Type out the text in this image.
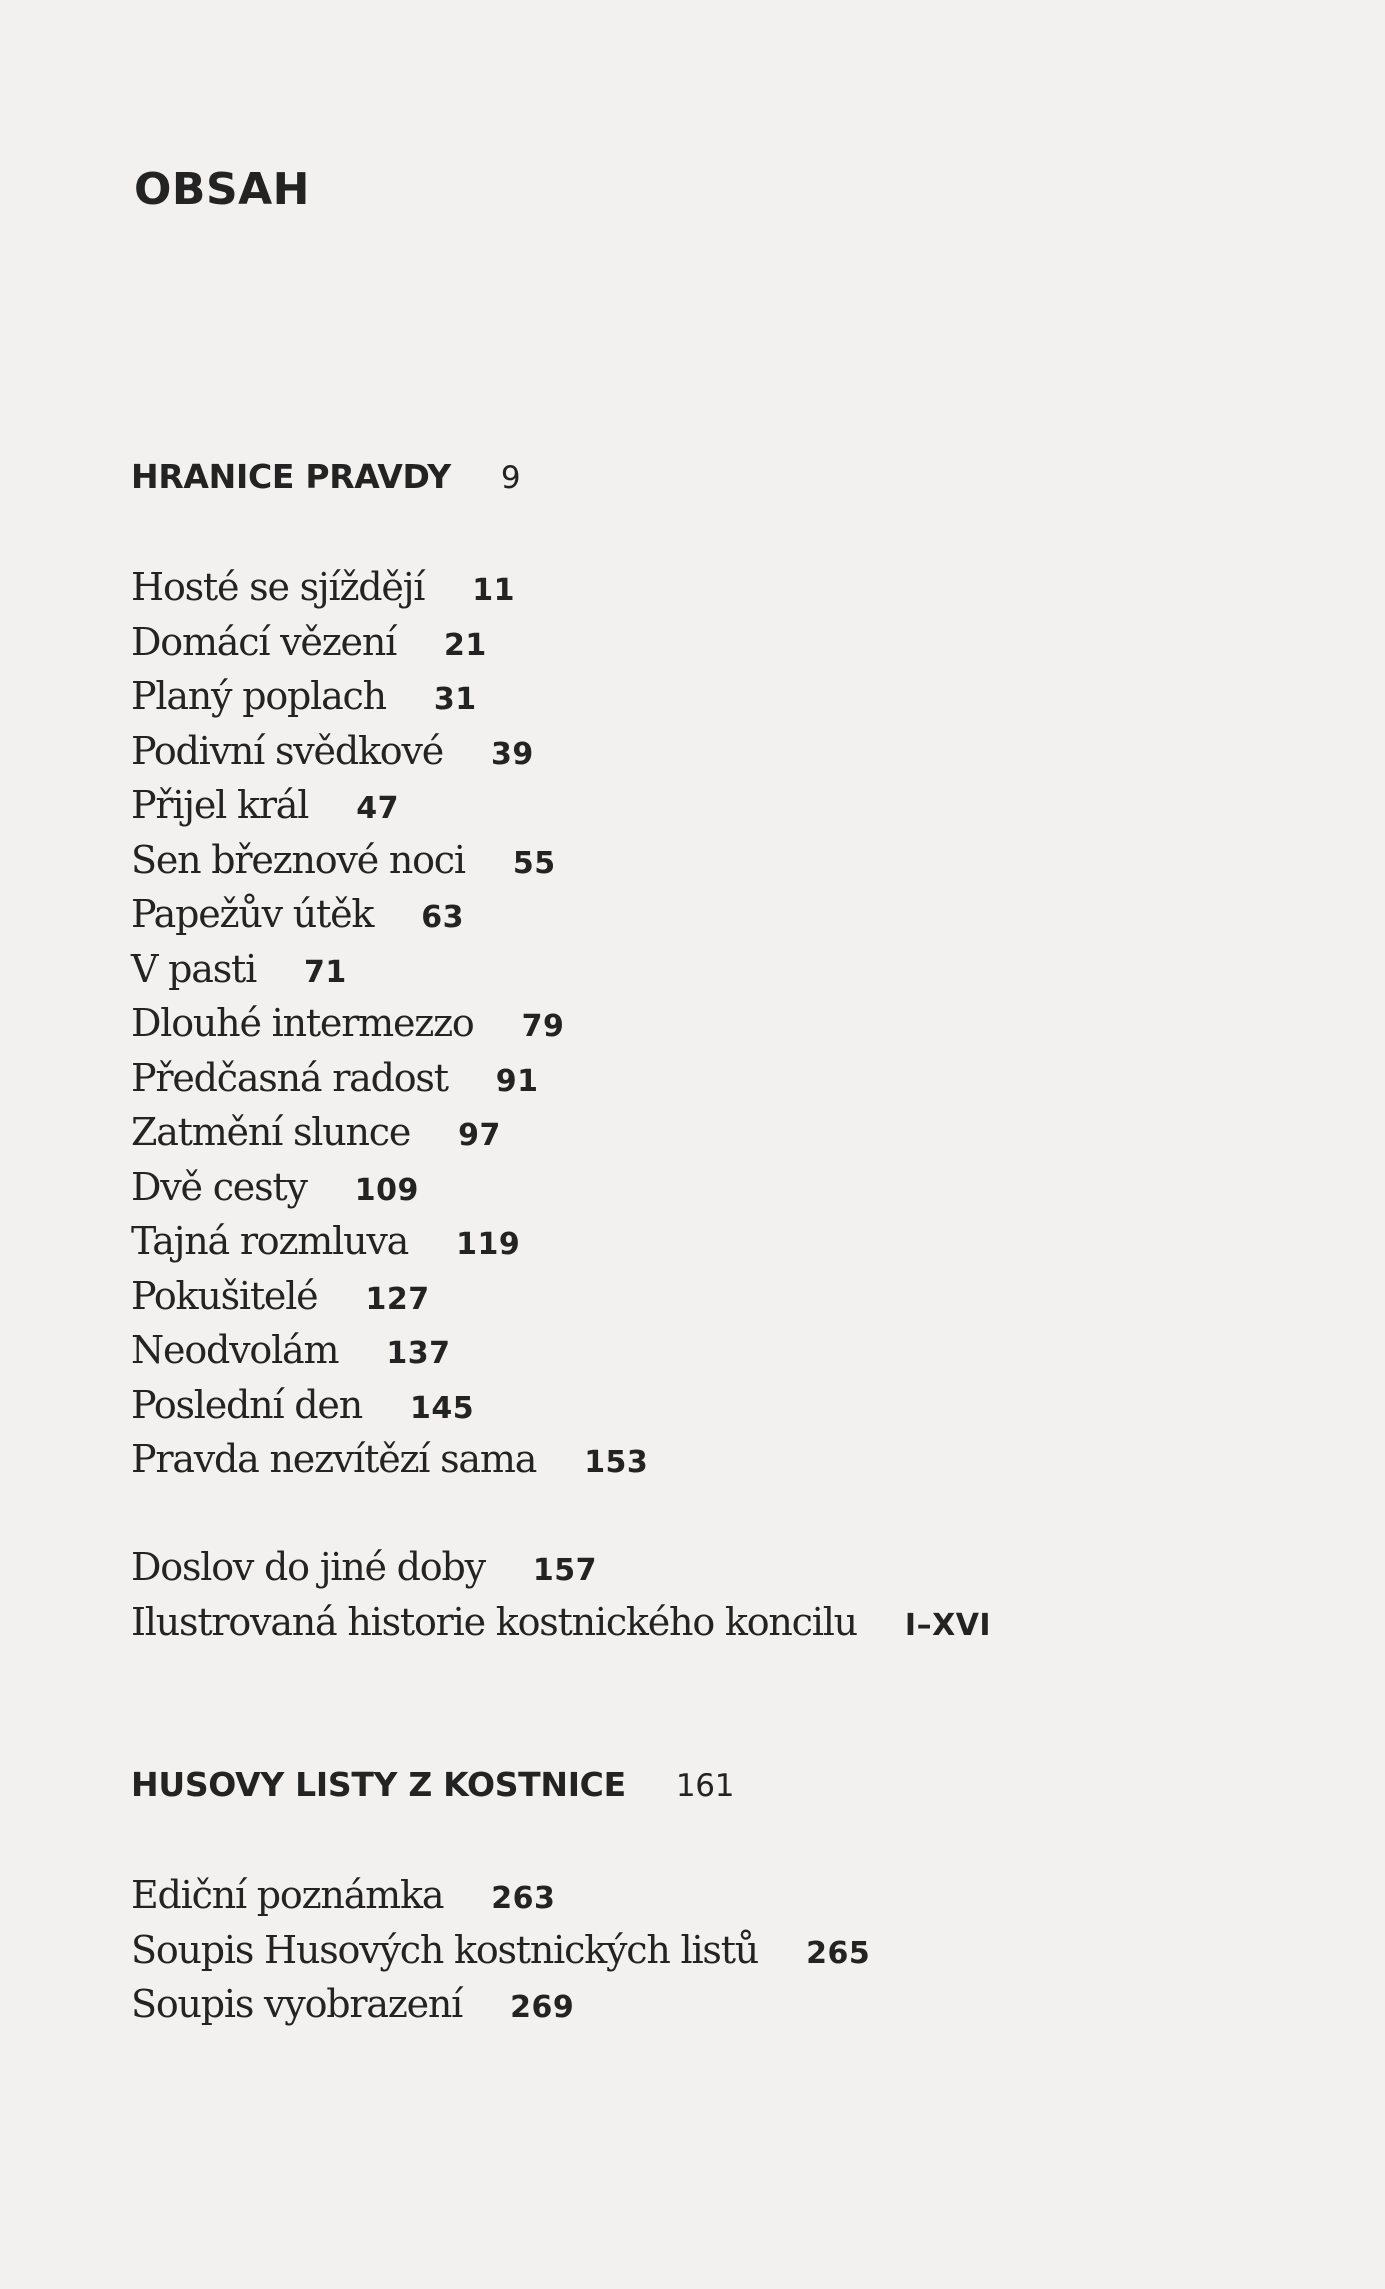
OBSAH
HRANICE PRAVDY 9
Hosté se sjíždějí 11
Domácí vězení 21
Planý poplach 31
Podivní svědkové 39
Přijel král 47
Sen březnové noci 55
Papežův útěk 63
V pasti 71
Dlouhé intermezzo 79
Předčasná radost 91
Zatmění slunce 97
Dvě cesty 109
Tajná rozmluva 119
Pokušitelé 127
Neodvolám 137
Poslední den 145
Pravda nezvítězí sama 153
Doslov do jiné doby 157
Ilustrovaná historie kostnického koncilu I–XVI
HUSOVY LISTY Z KOSTNICE 161
Ediční poznámka 263
Soupis Husových kostnických listů 265
Soupis vyobrazení 269
